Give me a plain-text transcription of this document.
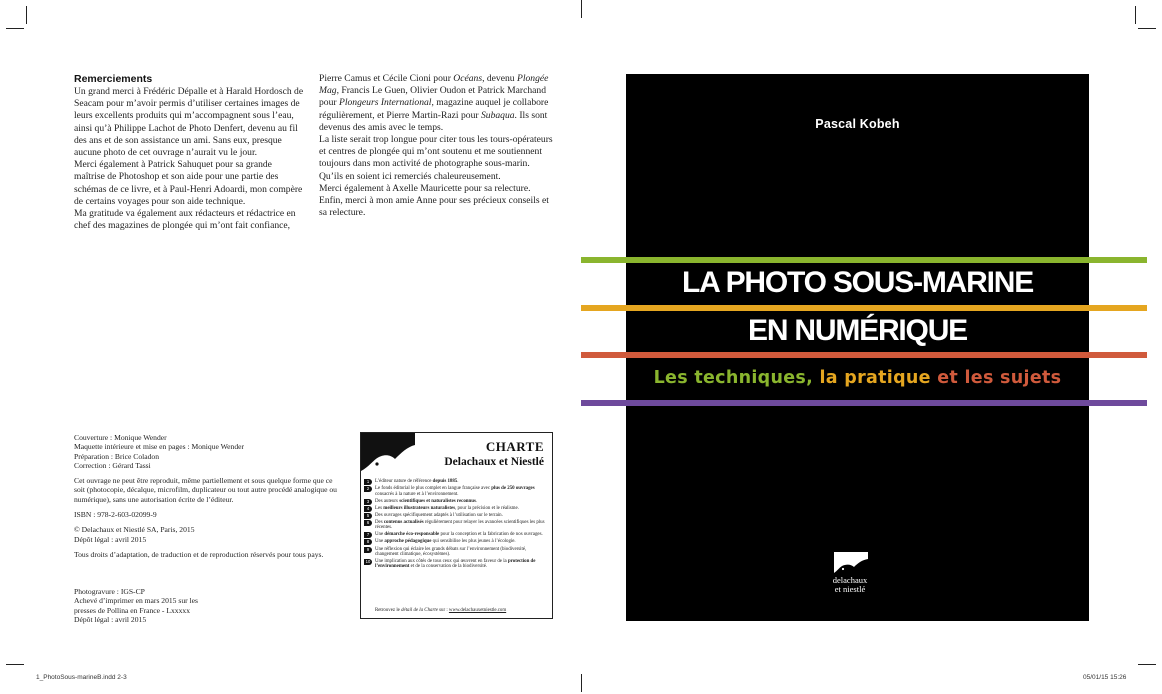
Remerciements

Un grand merci à Frédéric Dépalle et à Harald Hordosch de Seacam pour m’avoir permis d’utiliser certaines images de leurs excellents produits qui m’accompagnent sous l’eau, ainsi qu’à Philippe Lachot de Photo Denfert, devenu au fil des ans et de son assistance un ami. Sans eux, presque aucune photo de cet ouvrage n’aurait vu le jour.

Merci également à Patrick Sahuquet pour sa grande maîtrise de Photoshop et son aide pour une partie des schémas de ce livre, et à Paul-Henri Adoardi, mon compère de certains voyages pour son aide technique.

Ma gratitude va également aux rédacteurs et rédactrice en chef des magazines de plongée qui m’ont fait confiance,

Pierre Camus et Cécile Cioni pour Océans, devenu Plongée Mag, Francis Le Guen, Olivier Oudon et Patrick Marchand pour Plongeurs International, magazine auquel je collabore régulièrement, et Pierre Martin-Razi pour Subaqua. Ils sont devenus des amis avec le temps.

La liste serait trop longue pour citer tous les tours-opérateurs et centres de plongée qui m’ont soutenu et me soutiennent toujours dans mon activité de photographe sous-marin. Qu’ils en soient ici remerciés chaleureusement.

Merci également à Axelle Mauricette pour sa relecture.

Enfin, merci à mon amie Anne pour ses précieux conseils et sa relecture.

Couverture : Monique Wender
Maquette intérieure et mise en pages : Monique Wender
Préparation : Brice Coladon
Correction : Gérard Tassi
Cet ouvrage ne peut être reproduit, même partiellement et sous quelque forme que ce soit (photocopie, décalque, microfilm, duplicateur ou tout autre procédé analogique ou numérique), sans une autorisation écrite de l’éditeur.
ISBN : 978-2-603-02099-9
© Delachaux et Niestlé SA, Paris, 2015
Dépôt légal : avril 2015
Tous droits d’adaptation, de traduction et de reproduction réservés pour tous pays.
Photogravure : IGS-CP
Achevé d’imprimer en mars 2015 sur les
presses de Pollina en France - Lxxxxx
Dépôt légal : avril 2015
CHARTE
Delachaux et Niestlé
1	L’éditeur nature de référence depuis 1885.
2	Le fonds éditorial le plus complet en langue française avec plus de 250 ouvrages consacrés à la nature et à l’environnement.
3	Des auteurs scientifiques et naturalistes reconnus.
4	Les meilleurs illustrateurs naturalistes, pour la précision et le réalisme.
5	Des ouvrages spécifiquement adaptés à l’utilisation sur le terrain.
6	Des contenus actualisés régulièrement pour relayer les avancées scientifiques les plus récentes.
7	Une démarche éco-responsable pour la conception et la fabrication de nos ouvrages.
8	Une approche pédagogique qui sensibilise les plus jeunes à l’écologie.
9	Une réflexion qui éclaire les grands débats sur l’environnement (biodiversité, changement climatique, écosystèmes).
10 Une implication aux côtés de tous ceux qui œuvrent en faveur de la protection de l’environnement et de la conservation de la biodiversité.
Retrouvez le détail de la Charte sur : www.delachauxetniestle.com
Pascal Kobeh
LA PHOTO SOUS-MARINE
EN NUMÉRIQUE
Les techniques, la pratique et les sujets
delachaux
et niestlé
1_PhotoSous-marineB.indd 2-3	05/01/15 15:26
